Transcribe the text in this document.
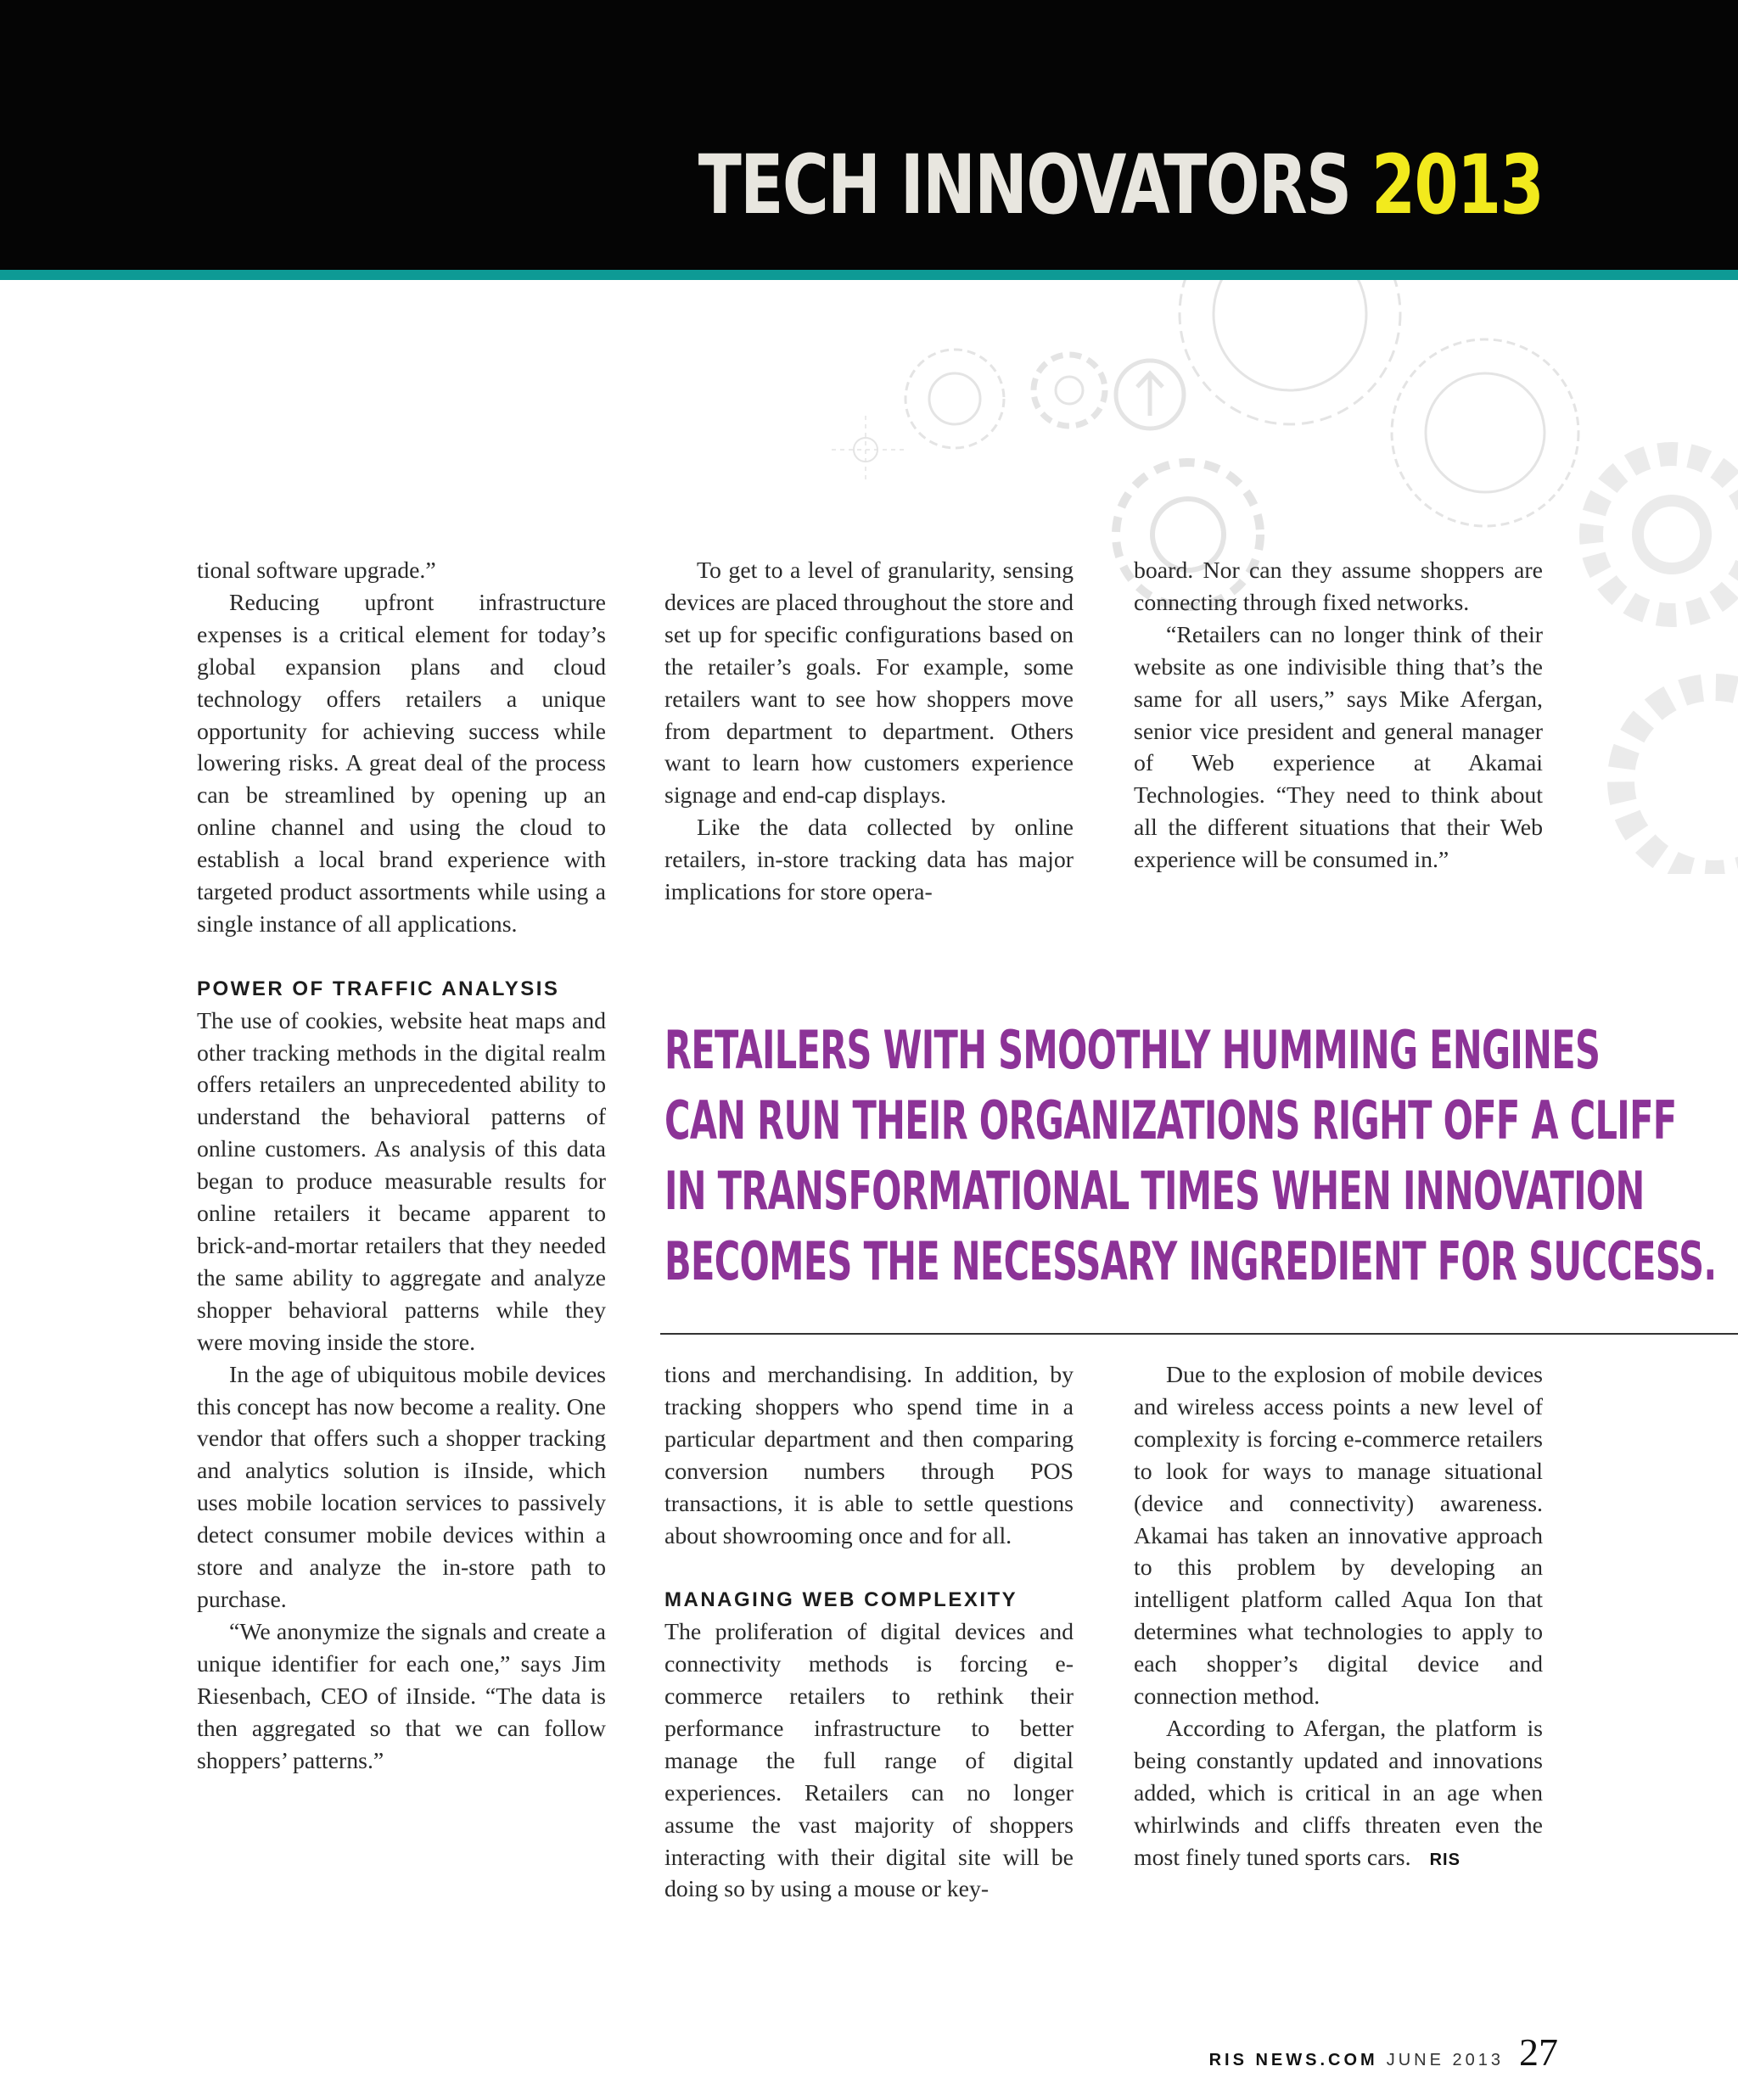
TECH INNOVATORS 2013

tional software upgrade.”

Reducing upfront infrastructure expenses is a critical element for today’s global expansion plans and cloud technology offers retailers a unique opportunity for achieving success while lowering risks. A great deal of the process can be streamlined by opening up an online channel and using the cloud to establish a local brand experience with targeted product assortments while using a single instance of all applications.

POWER OF TRAFFIC ANALYSIS

The use of cookies, website heat maps and other tracking methods in the digital realm offers retailers an unprecedented ability to understand the behavioral patterns of online customers. As analysis of this data began to produce measurable results for online retailers it became apparent to brick-and-mortar retailers that they needed the same ability to aggregate and analyze shopper behavioral patterns while they were moving inside the store.

In the age of ubiquitous mobile devices this concept has now become a reality. One vendor that offers such a shopper tracking and analytics solution is iInside, which uses mobile location services to passively detect consumer mobile devices within a store and analyze the in-store path to purchase.

“We anonymize the signals and create a unique identifier for each one,” says Jim Riesenbach, CEO of iInside. “The data is then aggregated so that we can follow shoppers’ patterns.”

To get to a level of granularity, sensing devices are placed throughout the store and set up for specific configurations based on the retailer’s goals. For example, some retailers want to see how shoppers move from department to department. Others want to learn how customers experience signage and end-cap displays.

Like the data collected by online retailers, in-store tracking data has major implications for store opera-

board. Nor can they assume shoppers are connecting through fixed networks.

“Retailers can no longer think of their website as one indivisible thing that’s the same for all users,” says Mike Afergan, senior vice president and general manager of Web experience at Akamai Technologies. “They need to think about all the different situations that their Web experience will be consumed in.”

RETAILERS WITH SMOOTHLY HUMMING ENGINES
CAN RUN THEIR ORGANIZATIONS RIGHT OFF A CLIFF
IN TRANSFORMATIONAL TIMES WHEN INNOVATION
BECOMES THE NECESSARY INGREDIENT FOR SUCCESS.

tions and merchandising. In addition, by tracking shoppers who spend time in a particular department and then comparing conversion numbers through POS transactions, it is able to settle questions about showrooming once and for all.

MANAGING WEB COMPLEXITY

The proliferation of digital devices and connectivity methods is forcing e-commerce retailers to rethink their performance infrastructure to better manage the full range of digital experiences. Retailers can no longer assume the vast majority of shoppers interacting with their digital site will be doing so by using a mouse or key-

Due to the explosion of mobile devices and wireless access points a new level of complexity is forcing e-commerce retailers to look for ways to manage situational (device and connectivity) awareness. Akamai has taken an innovative approach to this problem by developing an intelligent platform called Aqua Ion that determines what technologies to apply to each shopper’s digital device and connection method.

According to Afergan, the platform is being constantly updated and innovations added, which is critical in an age when whirlwinds and cliffs threaten even the most finely tuned sports cars. RIS

RIS NEWS.COM JUNE 2013 27
